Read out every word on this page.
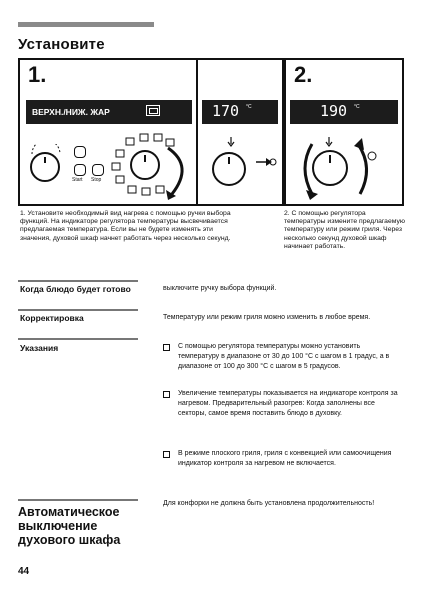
Установите
1.
ВЕРХН./НИЖ. ЖАР
Start Stop
170 °C
2.
190 °C
1. Установите необходимый вид нагрева с помощью ручки выбора функций. На индикаторе регулятора температуры высвечивается предлагаемая температура. Если вы не будете изменять эти значения, духовой шкаф начнет работать через несколько секунд.
2. С помощью регулятора температуры измените предлагаемую температуру или режим гриля. Через несколько секунд духовой шкаф начинает работать.
Когда блюдо будет готово	выключите ручку выбора функций.
Корректировка	Температуру или режим гриля можно изменить в любое время.
Указания	С помощью регулятора температуры можно установить температуру в диапазоне от 30 до 100 °С с шагом в 1 градус, а в диапазоне от 100 до 300 °С с шагом в 5 градусов.
Увеличение температуры показывается на индикаторе контроля за нагревом. Предварительный разогрев: Когда заполнены все секторы, самое время поставить блюдо в духовку.
В режиме плоского гриля, гриля с конвекцией или самоочищения индикатор контроля за нагревом не включается.
Автоматическое
выключение
духового шкафа
Для конфорки не должна быть установлена продолжительность!
44
